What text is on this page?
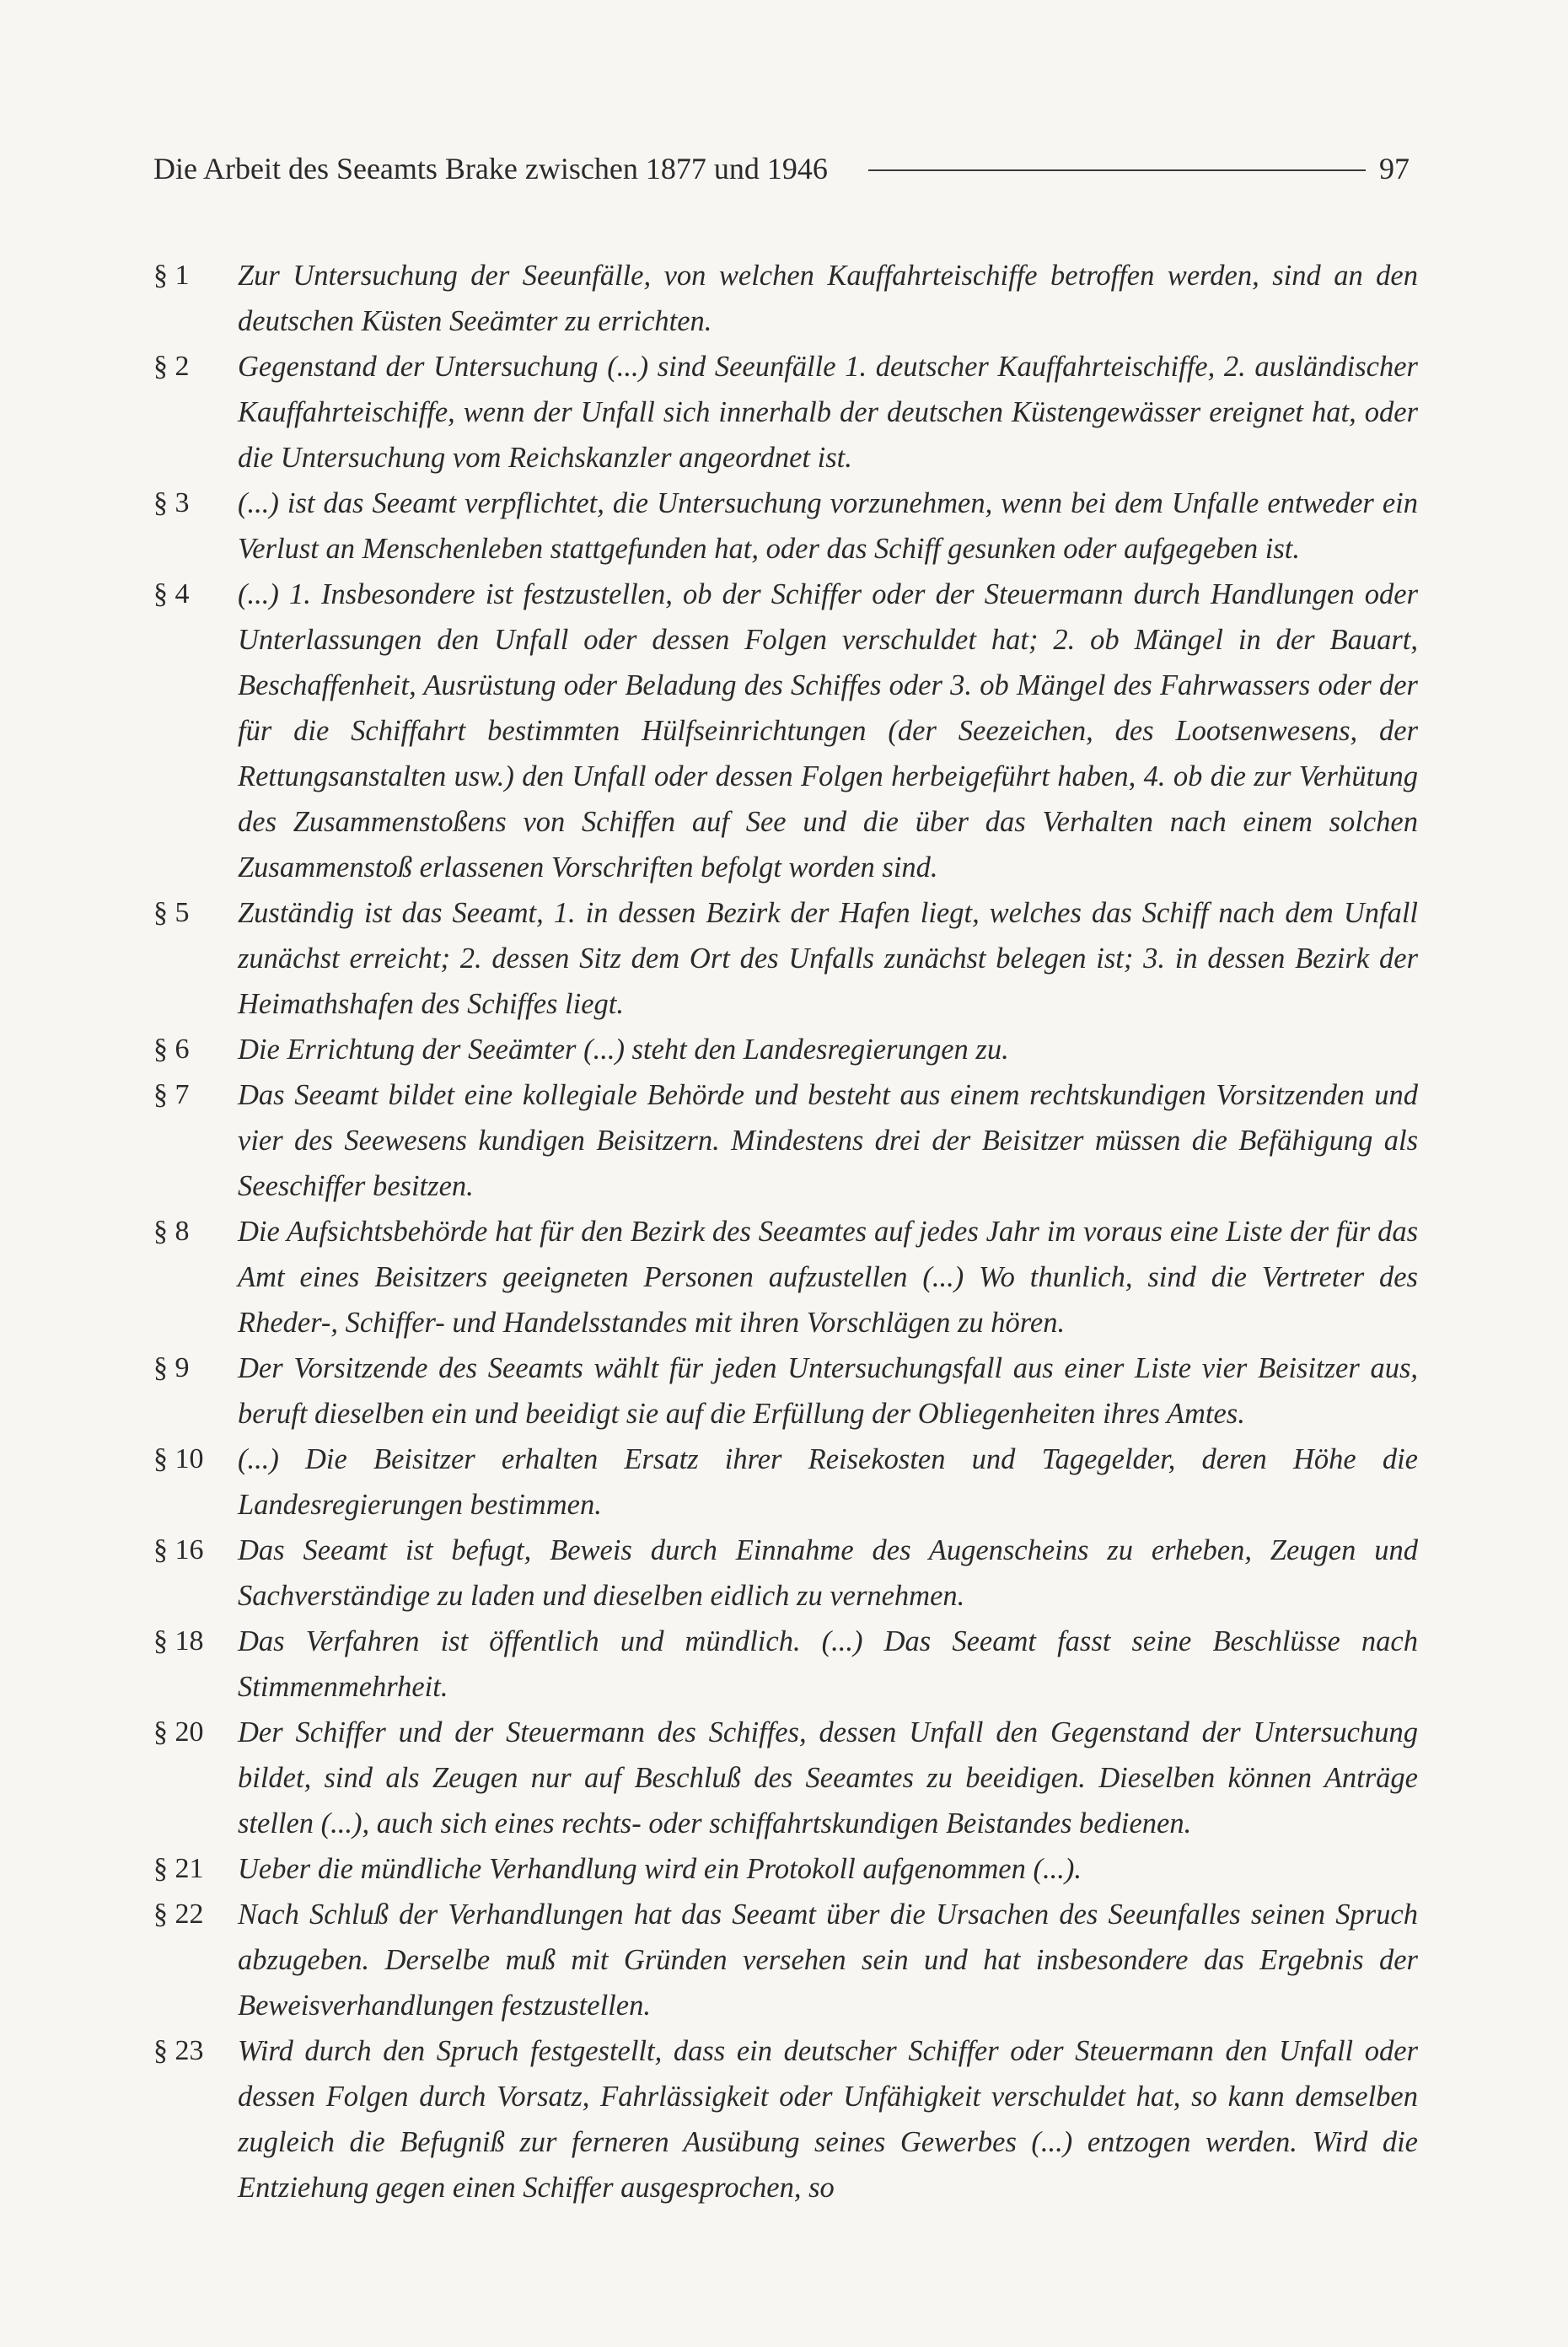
Die Arbeit des Seeamts Brake zwischen 1877 und 1946	97
§ 1	Zur Untersuchung der Seeunfälle, von welchen Kauffahrteischiffe betroffen werden, sind an den deutschen Küsten Seeämter zu errichten.
§ 2	Gegenstand der Untersuchung (...) sind Seeunfälle 1. deutscher Kauffahrteischiffe, 2. ausländischer Kauffahrteischiffe, wenn der Unfall sich innerhalb der deutschen Küstengewässer ereignet hat, oder die Untersuchung vom Reichskanzler angeordnet ist.
§ 3	(...) ist das Seeamt verpflichtet, die Untersuchung vorzunehmen, wenn bei dem Unfalle entweder ein Verlust an Menschenleben stattgefunden hat, oder das Schiff gesunken oder aufgegeben ist.
§ 4	(...) 1. Insbesondere ist festzustellen, ob der Schiffer oder der Steuermann durch Handlungen oder Unterlassungen den Unfall oder dessen Folgen verschuldet hat; 2. ob Mängel in der Bauart, Beschaffenheit, Ausrüstung oder Beladung des Schiffes oder 3. ob Mängel des Fahrwassers oder der für die Schiffahrt bestimmten Hülfseinrichtungen (der Seezeichen, des Lootsenwesens, der Rettungsanstalten usw.) den Unfall oder dessen Folgen herbeigeführt haben, 4. ob die zur Verhütung des Zusammenstoßens von Schiffen auf See und die über das Verhalten nach einem solchen Zusammenstoß erlassenen Vorschriften befolgt worden sind.
§ 5	Zuständig ist das Seeamt, 1. in dessen Bezirk der Hafen liegt, welches das Schiff nach dem Unfall zunächst erreicht; 2. dessen Sitz dem Ort des Unfalls zunächst belegen ist; 3. in dessen Bezirk der Heimathshafen des Schiffes liegt.
§ 6	Die Errichtung der Seeämter (...) steht den Landesregierungen zu.
§ 7	Das Seeamt bildet eine kollegiale Behörde und besteht aus einem rechtskundigen Vorsitzenden und vier des Seewesens kundigen Beisitzern. Mindestens drei der Beisitzer müssen die Befähigung als Seeschiffer besitzen.
§ 8	Die Aufsichtsbehörde hat für den Bezirk des Seeamtes auf jedes Jahr im voraus eine Liste der für das Amt eines Beisitzers geeigneten Personen aufzustellen (...) Wo thunlich, sind die Vertreter des Rheder-, Schiffer- und Handelsstandes mit ihren Vorschlägen zu hören.
§ 9	Der Vorsitzende des Seeamts wählt für jeden Untersuchungsfall aus einer Liste vier Beisitzer aus, beruft dieselben ein und beeidigt sie auf die Erfüllung der Obliegenheiten ihres Amtes.
§ 10	(...) Die Beisitzer erhalten Ersatz ihrer Reisekosten und Tagegelder, deren Höhe die Landesregierungen bestimmen.
§ 16	Das Seeamt ist befugt, Beweis durch Einnahme des Augenscheins zu erheben, Zeugen und Sachverständige zu laden und dieselben eidlich zu vernehmen.
§ 18	Das Verfahren ist öffentlich und mündlich. (...) Das Seeamt fasst seine Beschlüsse nach Stimmenmehrheit.
§ 20	Der Schiffer und der Steuermann des Schiffes, dessen Unfall den Gegenstand der Untersuchung bildet, sind als Zeugen nur auf Beschluß des Seeamtes zu beeidigen. Dieselben können Anträge stellen (...), auch sich eines rechts- oder schiffahrtskundigen Beistandes bedienen.
§ 21	Ueber die mündliche Verhandlung wird ein Protokoll aufgenommen (...).
§ 22	Nach Schluß der Verhandlungen hat das Seeamt über die Ursachen des Seeunfalles seinen Spruch abzugeben. Derselbe muß mit Gründen versehen sein und hat insbesondere das Ergebnis der Beweisverhandlungen festzustellen.
§ 23	Wird durch den Spruch festgestellt, dass ein deutscher Schiffer oder Steuermann den Unfall oder dessen Folgen durch Vorsatz, Fahrlässigkeit oder Unfähigkeit verschuldet hat, so kann demselben zugleich die Befugniß zur ferneren Ausübung seines Gewerbes (...) entzogen werden. Wird die Entziehung gegen einen Schiffer ausgesprochen, so
